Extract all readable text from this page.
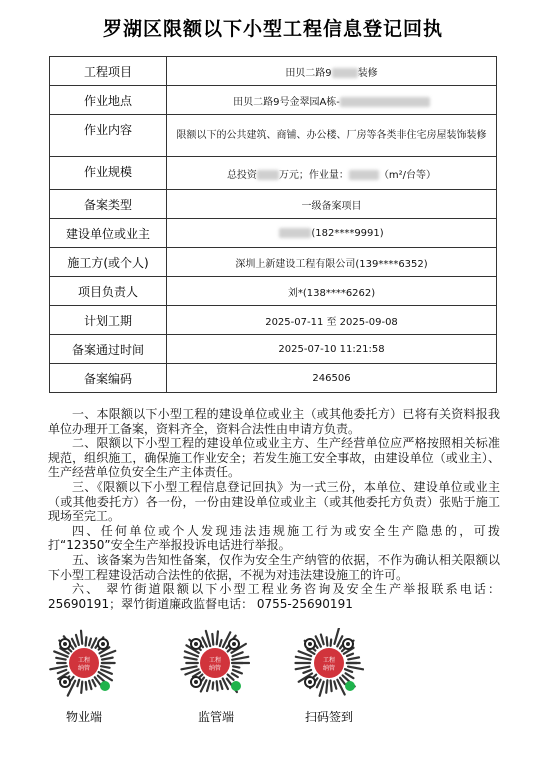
罗湖区限额以下小型工程信息登记回执
工程项目	田贝二路9 装修
作业地点	田贝二路9号金翠园A栋-
作业内容	限额以下的公共建筑、商铺、办公楼、厂房等各类非住宅房屋装饰装修
作业规模	总投资 万元；作业量： （m²/台等）
备案类型	一级备案项目
建设单位或业主	(182****9991)
施工方(或个人)	深圳上新建设工程有限公司(139****6352)
项目负责人	刘*(138****6262)
计划工期	2025-07-11 至 2025-09-08
备案通过时间	2025-07-10 11:21:58
备案编码	246506

一、本限额以下小型工程的建设单位或业主（或其他委托方）已将有关资料报我单位办理开工备案，资料齐全，资料合法性由申请方负责。

二、限额以下小型工程的建设单位或业主方、生产经营单位应严格按照相关标准规范，组织施工，确保施工作业安全；若发生施工安全事故，由建设单位（或业主）、生产经营单位负安全生产主体责任。

三、《限额以下小型工程信息登记回执》为一式三份，本单位、建设单位或业主（或其他委托方）各一份，一份由建设单位或业主（或其他委托方负责）张贴于施工现场至完工。

四、任何单位或个人发现违法违规施工行为或安全生产隐患的，可拨打“12350”安全生产举报投诉电话进行举报。

五、该备案为告知性备案，仅作为安全生产纳管的依据，不作为确认相关限额以下小型工程建设活动合法性的依据，不视为对违法建设施工的许可。

六、 翠竹街道限额以下小型工程业务咨询及安全生产举报联系电话： 25690191；翠竹街道廉政监督电话： 0755-25690191

工程
纳管
工程
纳管
工程
纳管
物业端	监管端	扫码签到
